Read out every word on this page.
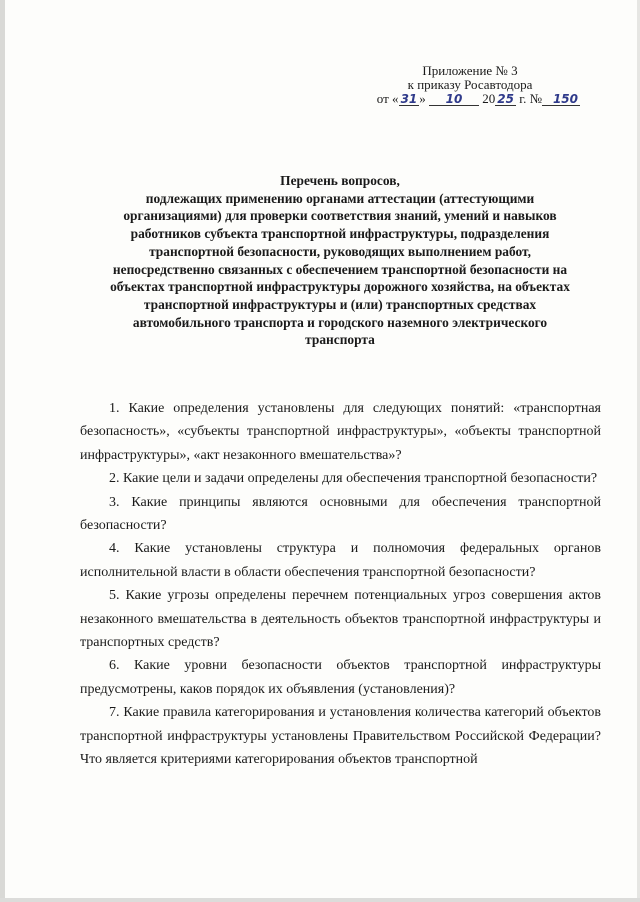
Приложение № 3
к приказу Росавтодора
от « 31 » 10 20 25 г. № 150
Перечень вопросов,
подлежащих применению органами аттестации (аттестующими
организациями) для проверки соответствия знаний, умений и навыков
работников субъекта транспортной инфраструктуры, подразделения
транспортной безопасности, руководящих выполнением работ,
непосредственно связанных с обеспечением транспортной безопасности на
объектах транспортной инфраструктуры дорожного хозяйства, на объектах
транспортной инфраструктуры и (или) транспортных средствах
автомобильного транспорта и городского наземного электрического
транспорта

1. Какие определения установлены для следующих понятий: «транспортная безопасность», «субъекты транспортной инфраструктуры», «объекты транспортной инфраструктуры», «акт незаконного вмешательства»?

2. Какие цели и задачи определены для обеспечения транспортной безопасности?

3. Какие принципы являются основными для обеспечения транспортной безопасности?

4. Какие установлены структура и полномочия федеральных органов исполнительной власти в области обеспечения транспортной безопасности?

5. Какие угрозы определены перечнем потенциальных угроз совершения актов незаконного вмешательства в деятельность объектов транспортной инфраструктуры и транспортных средств?

6. Какие уровни безопасности объектов транспортной инфраструктуры предусмотрены, каков порядок их объявления (установления)?

7. Какие правила категорирования и установления количества категорий объектов транспортной инфраструктуры установлены Правительством Российской Федерации? Что является критериями категорирования объектов транспортной
